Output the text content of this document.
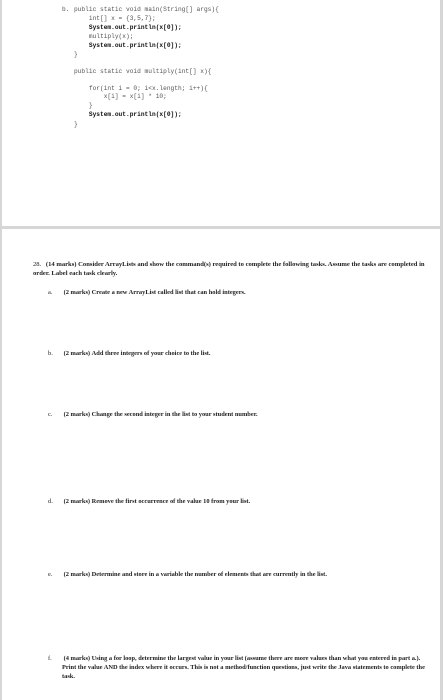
b.

public static void main(String[] args){

int[] x = {3,5,7};

System.out.println(x[0]);

multiply(x);

System.out.println(x[0]);

}

public static void multiply(int[] x){

for(int i = 0; i<x.length; i++){

x[i] = x[i] * 10;

}

System.out.println(x[0]);

}

28. (14 marks) Consider ArrayLists and show the command(s) required to complete the following tasks. Assume the tasks are completed in order. Label each task clearly.
a. (2 marks) Create a new ArrayList called list that can hold integers.
b. (2 marks) Add three integers of your choice to the list.
c. (2 marks) Change the second integer in the list to your student number.
d. (2 marks) Remove the first occurrence of the value 10 from your list.
e. (2 marks) Determine and store in a variable the number of elements that are currently in the list.
f. (4 marks) Using a for loop, determine the largest value in your list (assume there are more values than what you entered in part a.). Print the value AND the index where it occurs. This is not a method/function questions, just write the Java statements to complete the task.
